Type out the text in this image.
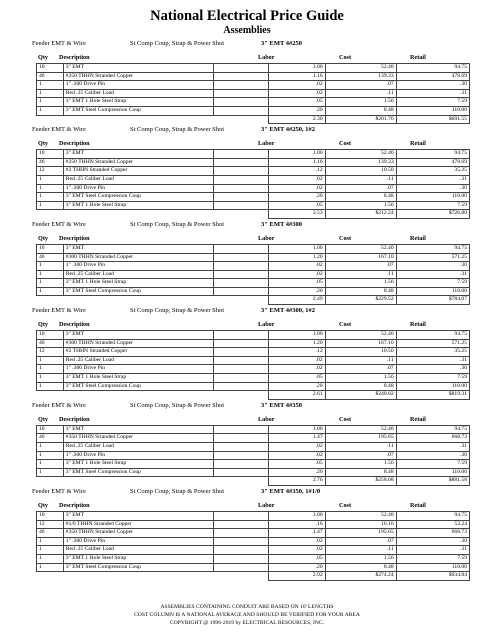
National Electrical Price Guide
Assemblies
Feeder EMT & Wire	St Comp Coup, Strap & Power Shot	3" EMT 4#250
Qty Description	Labor	Cost	Retail
10	3" EMT		1.00	52.40	94.75
46	#250 THHN Stranded Copper		1.16	139.33	478.69
1	1" .300 Drive Pin		.02	.07	.30
1	Red .25 Caliber Load		.02	.11	.31
1	3" EMT 1 Hole Steel Strap		.05	1.56	7.59
1	3" EMT Steel Compression Coup		.20	8.48	110.00
			2.30	$201.76	$691.55
Feeder EMT & Wire	St Comp Coup, Strap & Power Shot	3" EMT 4#250, 1#2
Qty Description	Labor	Cost	Retail
10	3" EMT		1.00	52.40	94.75
46	#250 THHN Stranded Copper		1.16	139.33	478.69
12	#2 THHN Stranded Copper		.12	10.50	35.25
1	Red .25 Caliber Load		.02	.11	.31
1	1" .300 Drive Pin		.02	.07	.30
1	3" EMT Steel Compression Coup		.20	8.48	110.00
1	3" EMT 1 Hole Steel Strap		.05	1.56	7.59
			2.53	$212.24	$726.80
Feeder EMT & Wire	St Comp Coup, Strap & Power Shot	3" EMT 4#300
Qty Description	Labor	Cost	Retail
10	3" EMT		1.00	52.40	94.75
46	#300 THHN Stranded Copper		1.20	167.10	571.25
1	1" .300 Drive Pin		.02	.07	.30
1	Red .25 Caliber Load		.02	.11	.31
1	3" EMT 1 Hole Steel Strap		.05	1.56	7.59
1	3" EMT Steel Compression Coup		.20	8.48	110.00
			2.49	$229.52	$784.07
Feeder EMT & Wire	St Comp Coup, Strap & Power Shot	3" EMT 4#300, 1#2
Qty Description	Labor	Cost	Retail
10	3" EMT		1.00	52.40	94.75
46	#300 THHN Stranded Copper		1.20	167.10	571.25
12	#2 THHN Stranded Copper		.12	10.50	35.25
1	Red .25 Caliber Load		.02	.11	.31
1	1" .300 Drive Pin		.02	.07	.30
1	3" EMT 1 Hole Steel Strap		.05	1.56	7.59
1	3" EMT Steel Compression Coup		.20	8.48	110.00
			2.61	$240.02	$819.31
Feeder EMT & Wire	St Comp Coup, Strap & Power Shot	3" EMT 4#350
Qty Description	Labor	Cost	Retail
10	3" EMT		1.00	52.40	94.75
46	#350 THHN Stranded Copper		1.47	195.65	668.73
1	Red .25 Caliber Load		.02	.11	.31
1	1" .300 Drive Pin		.02	.07	.30
1	3" EMT 1 Hole Steel Strap		.05	1.56	7.59
1	3" EMT Steel Compression Coup		.20	8.48	110.00
			2.76	$258.08	$881.58
Feeder EMT & Wire	St Comp Coup, Strap & Power Shot	3" EMT 4#350, 1#1/0
Qty Description	Labor	Cost	Retail
10	3" EMT		1.00	52.40	94.75
12	#1/0 THHN Stranded Copper		.16	16.16	53.24
46	#350 THHN Stranded Copper		1.47	195.65	668.73
1	1" .300 Drive Pin		.02	.07	.30
1	Red .25 Caliber Load		.02	.11	.31
1	3" EMT 1 Hole Steel Strap		.05	1.56	7.59
1	3" EMT Steel Compression Coup		.20	8.48	110.00
			2.92	$274.24	$934.84
ASSEMBLIES CONTAINING CONDUIT ARE BASED ON 10' LENGTHS
COST COLUMN IS A NATIONAL AVERAGE AND SHOULD BE VERIFIED FOR YOUR AREA
COPYRIGHT @ 1996-2019 by ELECTRICAL RESOURCES, INC.
